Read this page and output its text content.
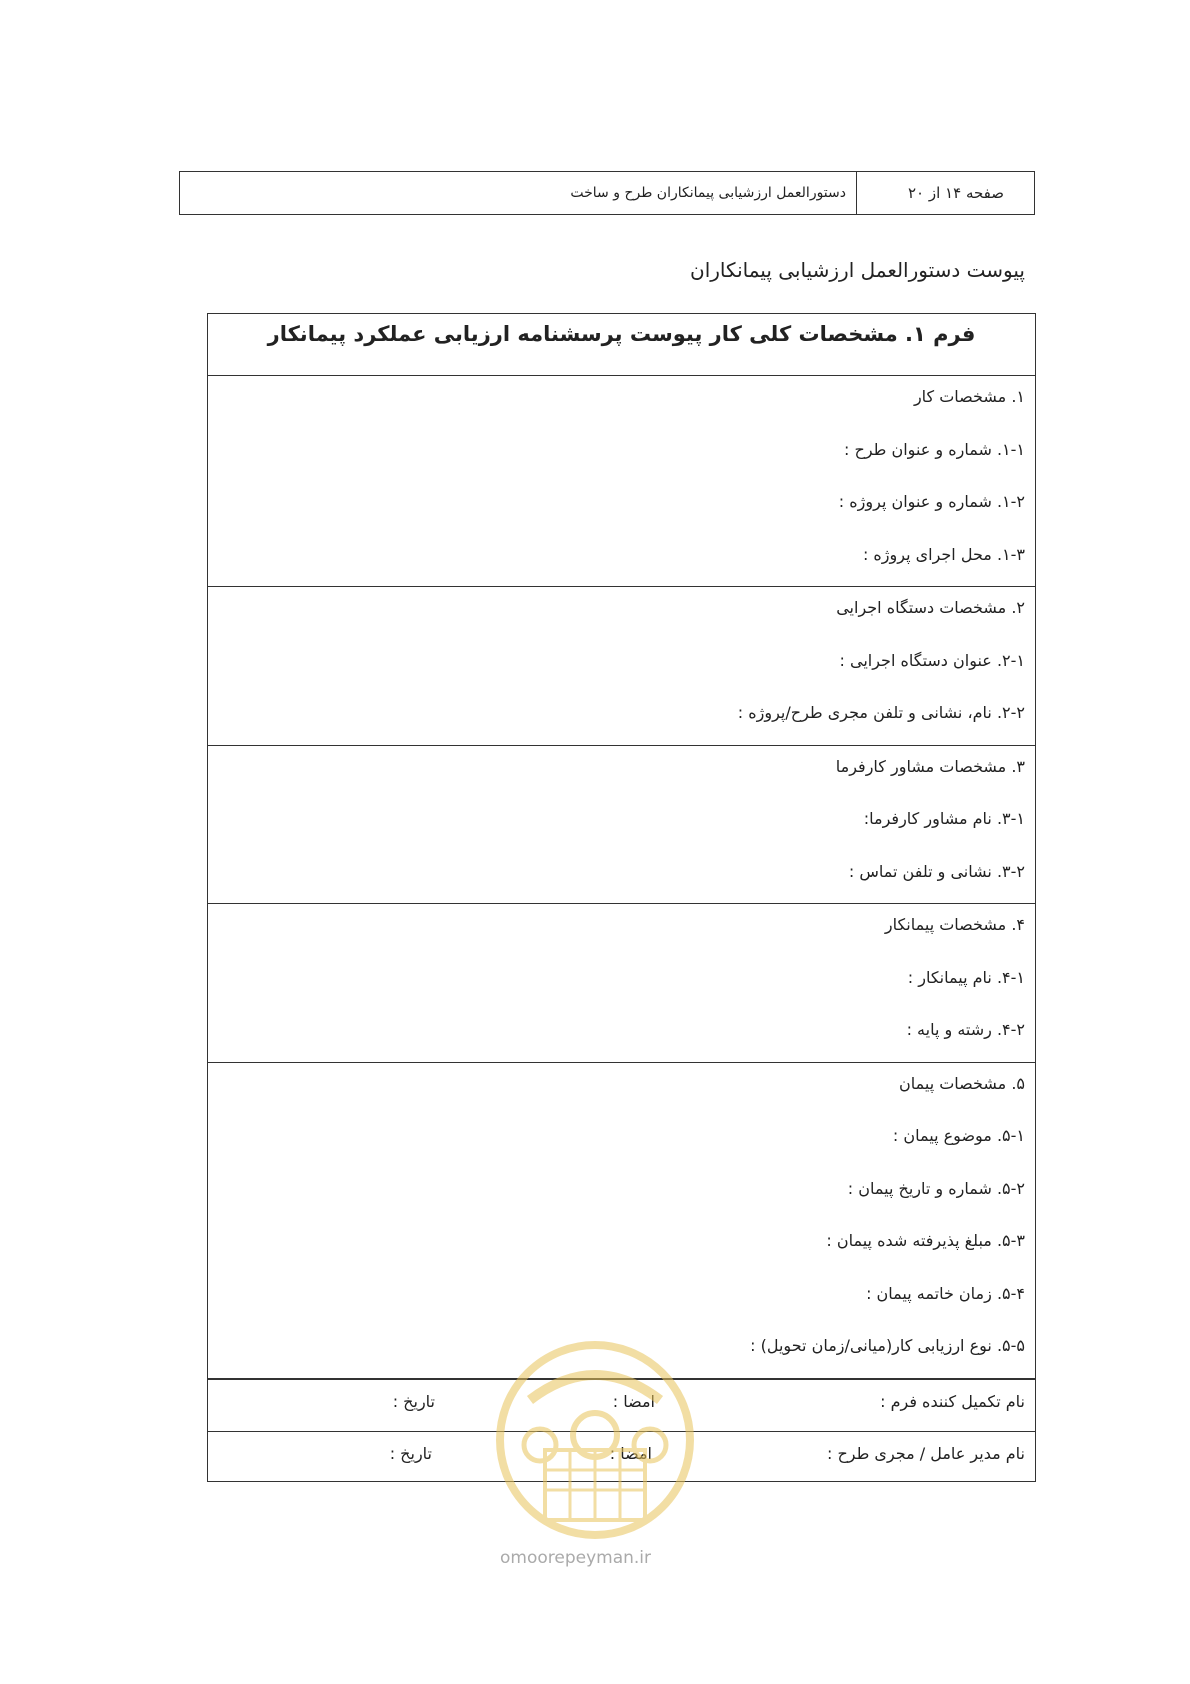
صفحه ۱۴ از ۲۰
دستورالعمل ارزشیابی پیمانکاران طرح و ساخت
پیوست دستورالعمل ارزشیابی پیمانکاران
فرم ۱. مشخصات کلی کار پیوست پرسشنامه ارزیابی عملکرد پیمانکار
۱. مشخصات کار
۱-۱. شماره و عنوان طرح :
۱-۲. شماره و عنوان پروژه :
۱-۳. محل اجرای پروژه :
۲. مشخصات دستگاه اجرایی
۲-۱. عنوان دستگاه اجرایی :
۲-۲. نام، نشانی و تلفن مجری طرح/پروژه :
۳. مشخصات مشاور کارفرما
۳-۱. نام مشاور کارفرما:
۳-۲. نشانی و تلفن تماس :
۴. مشخصات پیمانکار
۴-۱. نام پیمانکار :
۴-۲. رشته و پایه :
۵. مشخصات پیمان
۵-۱. موضوع پیمان :
۵-۲. شماره و تاریخ پیمان :
۵-۳. مبلغ پذیرفته شده پیمان :
۵-۴. زمان خاتمه پیمان :
۵-۵. نوع ارزیابی کار(میانی/زمان تحویل) :
نام تکمیل کننده فرم :
امضا :
تاریخ :
نام مدیر عامل / مجری طرح :
امضا :
تاریخ :
omoorepeyman.ir
